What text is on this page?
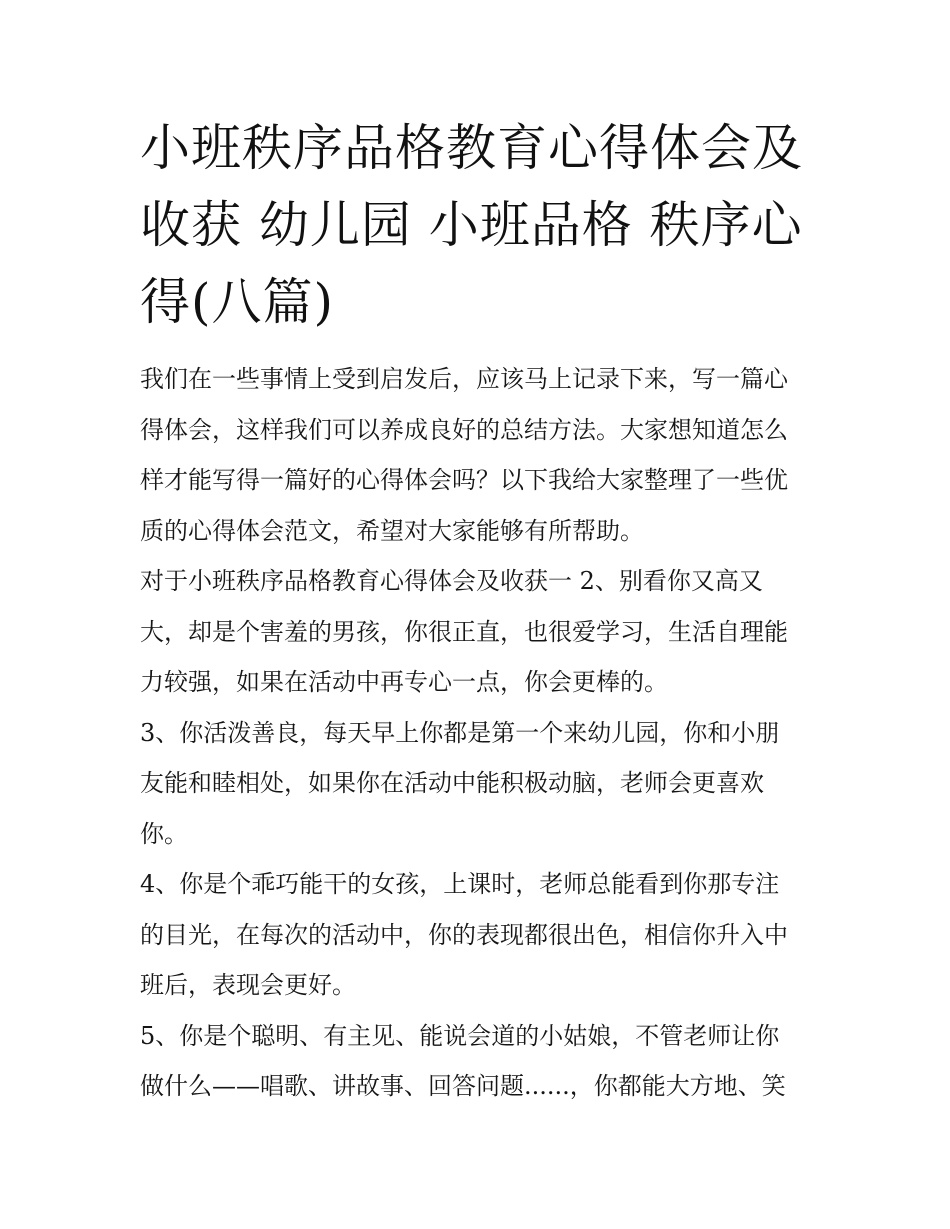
小班秩序品格教育心得体会及
收获 幼儿园 小班品格 秩序心
得(八篇)

我们在一些事情上受到启发后，应该马上记录下来，写一篇心
得体会，这样我们可以养成良好的总结方法。大家想知道怎么
样才能写得一篇好的心得体会吗？以下我给大家整理了一些优
质的心得体会范文，希望对大家能够有所帮助。

对于小班秩序品格教育心得体会及收获一 2、别看你又高又
大，却是个害羞的男孩，你很正直，也很爱学习，生活自理能
力较强，如果在活动中再专心一点，你会更棒的。

3、你活泼善良，每天早上你都是第一个来幼儿园，你和小朋
友能和睦相处，如果你在活动中能积极动脑，老师会更喜欢
你。

4、你是个乖巧能干的女孩，上课时，老师总能看到你那专注
的目光，在每次的活动中，你的表现都很出色，相信你升入中
班后，表现会更好。

5、你是个聪明、有主见、能说会道的小姑娘，不管老师让你
做什么——唱歌、讲故事、回答问题......，你都能大方地、笑
